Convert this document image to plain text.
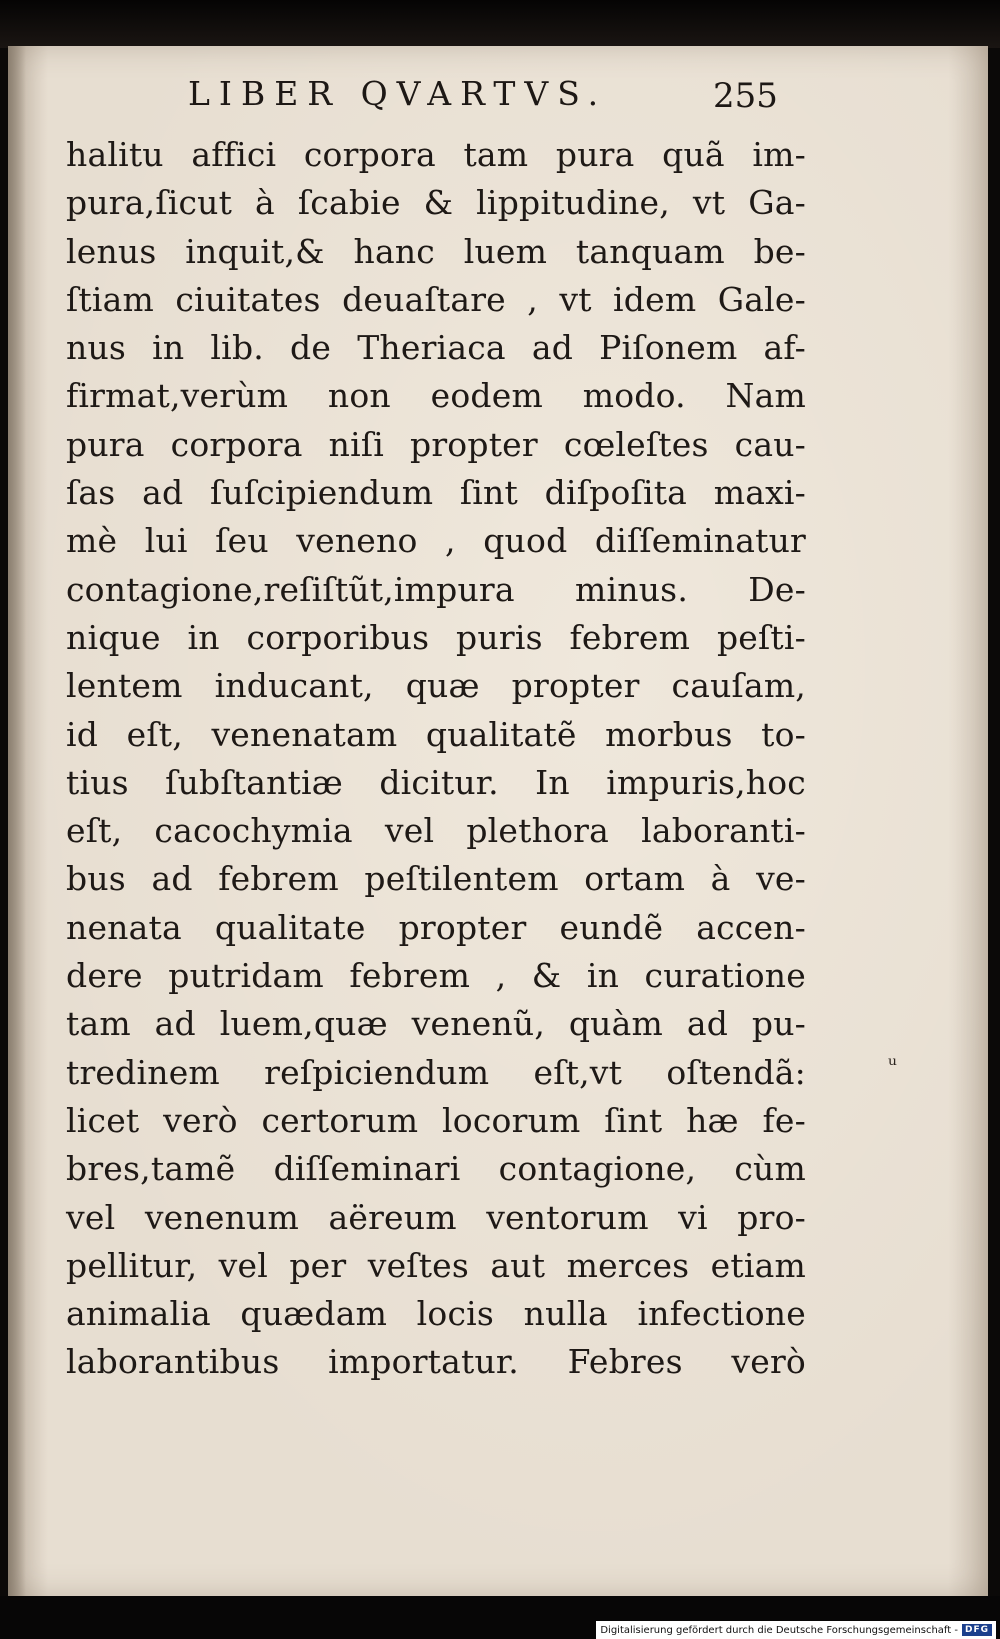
LIBER QVARTVS.	255
halitu affici corpora tam pura quã im-
pura,ſicut à ſcabie & lippitudine, vt Ga-
lenus inquit,& hanc luem tanquam be-
ſtiam ciuitates deuaſtare , vt idem Gale-
nus in lib. de Theriaca ad Piſonem af-
firmat,verùm non eodem modo. Nam
pura corpora niſi propter cœleſtes cau-
ſas ad ſuſcipiendum ſint diſpoſita maxi-
mè lui ſeu veneno , quod diſſeminatur
contagione,reſiſtũt,impura minus. De-
nique in corporibus puris febrem peſti-
lentem inducant, quæ propter cauſam,
id eſt, venenatam qualitatẽ morbus to-
tius ſubſtantiæ dicitur. In impuris,hoc
eſt, cacochymia vel plethora laboranti-
bus ad febrem peſtilentem ortam à ve-
nenata qualitate propter eundẽ accen-
dere putridam febrem , & in curatione
tam ad luem,quæ venenũ, quàm ad pu-
tredinem reſpiciendum eſt,vt oſtendã:
licet verò certorum locorum ſint hæ fe-
bres,tamẽ diſſeminari contagione, cùm
vel venenum aëreum ventorum vi pro-
pellitur, vel per veſtes aut merces etiam
animalia quædam locis nulla infectione
laborantibus importatur. Febres verò
ᵤ
Digitalisierung gefördert durch die Deutsche Forschungsgemeinschaft - DFG
